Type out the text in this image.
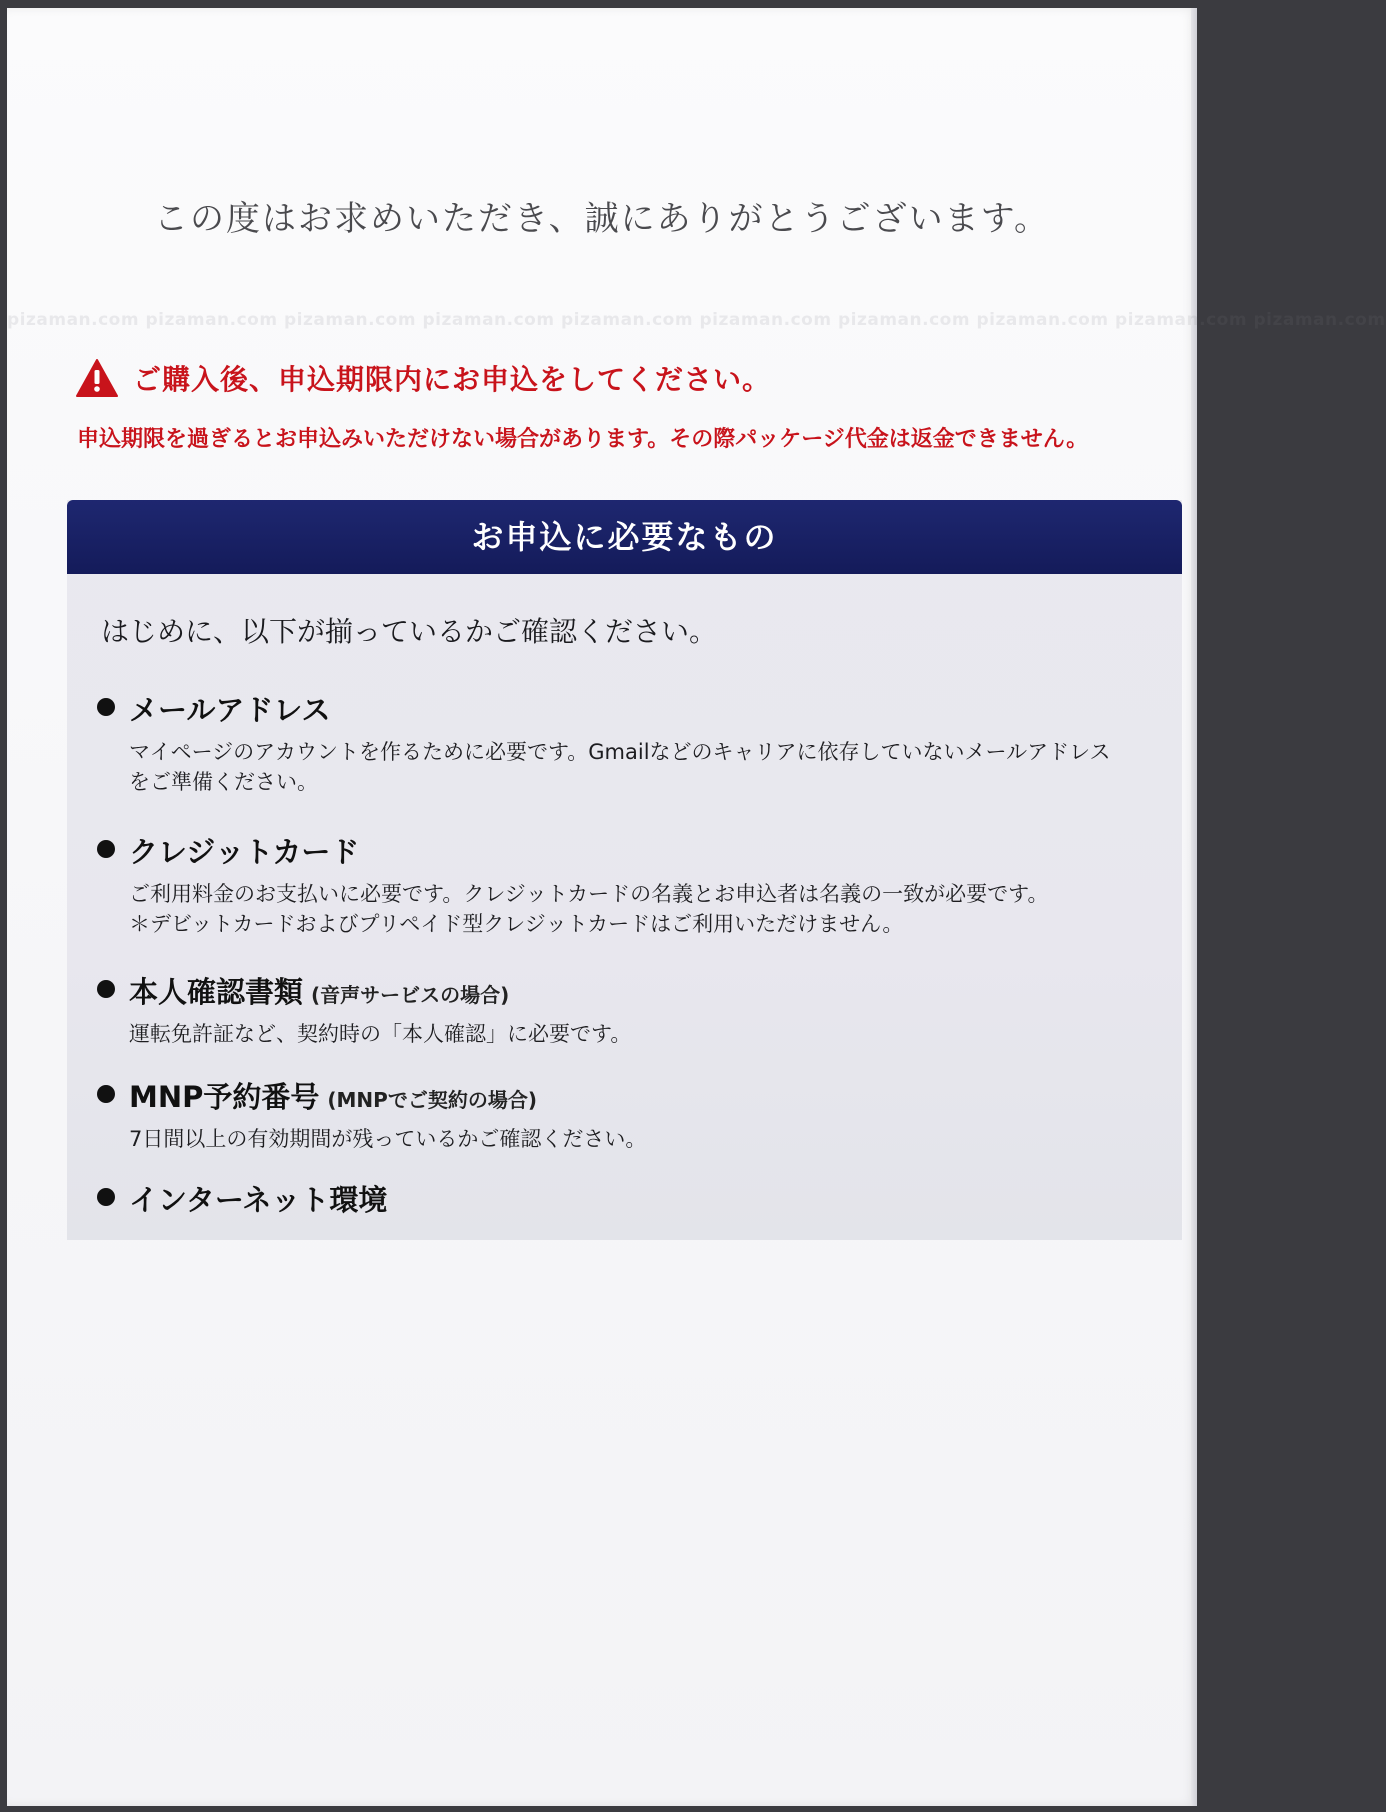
この度はお求めいただき、誠にありがとうございます。
pizaman.com pizaman.com pizaman.com pizaman.com pizaman.com pizaman.com pizaman.com pizaman.com pizaman.com pizaman.com
ご購入後、申込期限内にお申込をしてください。
申込期限を過ぎるとお申込みいただけない場合があります。その際パッケージ代金は返金できません。
お申込に必要なもの
はじめに、以下が揃っているかご確認ください。
メールアドレス
マイページのアカウントを作るために必要です。Gmailなどのキャリアに依存していないメールアドレス
をご準備ください。
クレジットカード
ご利用料金のお支払いに必要です。クレジットカードの名義とお申込者は名義の一致が必要です。
＊デビットカードおよびプリペイド型クレジットカードはご利用いただけません。
本人確認書類 (音声サービスの場合)
運転免許証など、契約時の「本人確認」に必要です。
MNP予約番号 (MNPでご契約の場合)
7日間以上の有効期間が残っているかご確認ください。
インターネット環境
